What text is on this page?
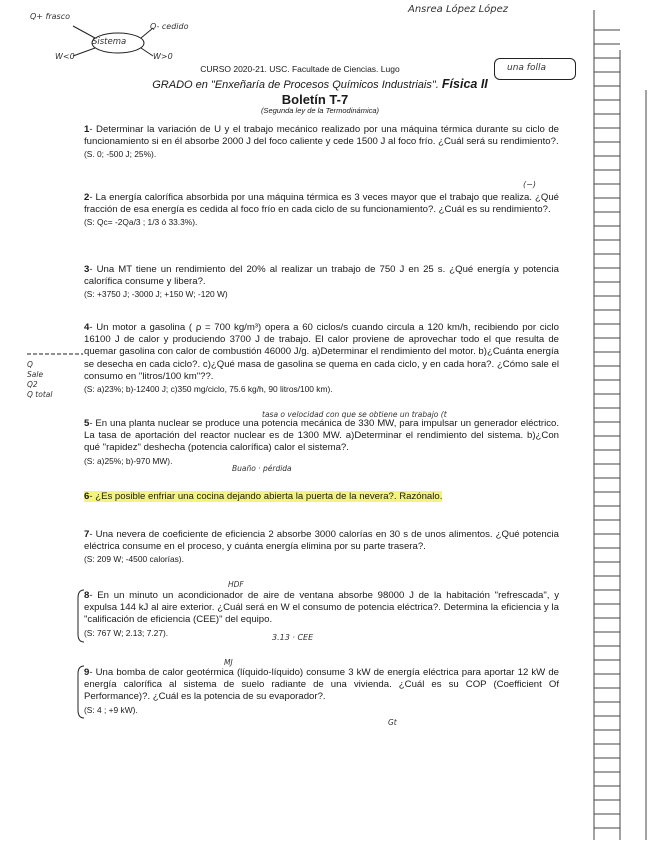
Ansrea López López
Sistema
Q+ frasco
Q- cedido
W<0	W>0
CURSO 2020-21. USC. Facultade de Ciencias. Lugo
GRADO en "Enxeñaría de Procesos Químicos Industriais". Física II
una folla
Boletín T-7
(Segunda ley de la Termodinámica)
1- Determinar la variación de U y el trabajo mecánico realizado por una máquina térmica durante su ciclo de funcionamiento si en él absorbe 2000 J del foco caliente y cede 1500 J al foco frío. ¿Cuál será su rendimiento?.
(S. 0; -500 J; 25%).
(−)
2- La energía calorífica absorbida por una máquina térmica es 3 veces mayor que el trabajo que realiza. ¿Qué fracción de esa energía es cedida al foco frío en cada ciclo de su funcionamiento?. ¿Cuál es su rendimiento?.
(S: Qc= -2Qa/3 ; 1/3 ó 33.3%).
3- Una MT tiene un rendimiento del 20% al realizar un trabajo de 750 J en 25 s. ¿Qué energía y potencia calorífica consume y libera?.
(S: +3750 J; -3000 J; +150 W; -120 W)
4- Un motor a gasolina ( ρ = 700 kg/m³) opera a 60 ciclos/s cuando circula a 120 km/h, recibiendo por ciclo 16100 J de calor y produciendo 3700 J de trabajo. El calor proviene de aprovechar todo el que resulta de quemar gasolina con calor de combustión 46000 J/g. a)Determinar el rendimiento del motor. b)¿Cuánta energía se desecha en cada ciclo?. c)¿Qué masa de gasolina se quema en cada ciclo, y en cada hora?. ¿Cómo sale el consumo en "litros/100 km"??.
(S: a)23%; b)-12400 J; c)350 mg/ciclo, 75.6 kg/h, 90 litros/100 km).
Q
Sale
Q2
Q total
tasa o velocidad con que se obtiene un trabajo (t
5- En una planta nuclear se produce una potencia mecánica de 330 MW, para impulsar un generador eléctrico. La tasa de aportación del reactor nuclear es de 1300 MW. a)Determinar el rendimiento del sistema. b)¿Con qué "rapidez" deshecha (potencia calorífica) calor el sistema?.
(S: a)25%; b)-970 MW).
Buaño · pérdida
6- ¿Es posible enfriar una cocina dejando abierta la puerta de la nevera?. Razónalo.
7- Una nevera de coeficiente de eficiencia 2 absorbe 3000 calorías en 30 s de unos alimentos. ¿Qué potencia eléctrica consume en el proceso, y cuánta energía elimina por su parte trasera?.
(S: 209 W; -4500 calorías).
HDF
8- En un minuto un acondicionador de aire de ventana absorbe 98000 J de la habitación "refrescada", y expulsa 144 kJ al aire exterior. ¿Cuál será en W el consumo de potencia eléctrica?. Determina la eficiencia y la "calificación de eficiencia (CEE)" del equipo.
(S: 767 W; 2.13; 7.27).	3.13 · CEE
MJ
9- Una bomba de calor geotérmica (líquido-líquido) consume 3 kW de energía eléctrica para aportar 12 kW de energía calorífica al sistema de suelo radiante de una vivienda. ¿Cuál es su COP (Coefficient Of Performance)?. ¿Cuál es la potencia de su evaporador?.
(S: 4 ; +9 kW).
Gt
